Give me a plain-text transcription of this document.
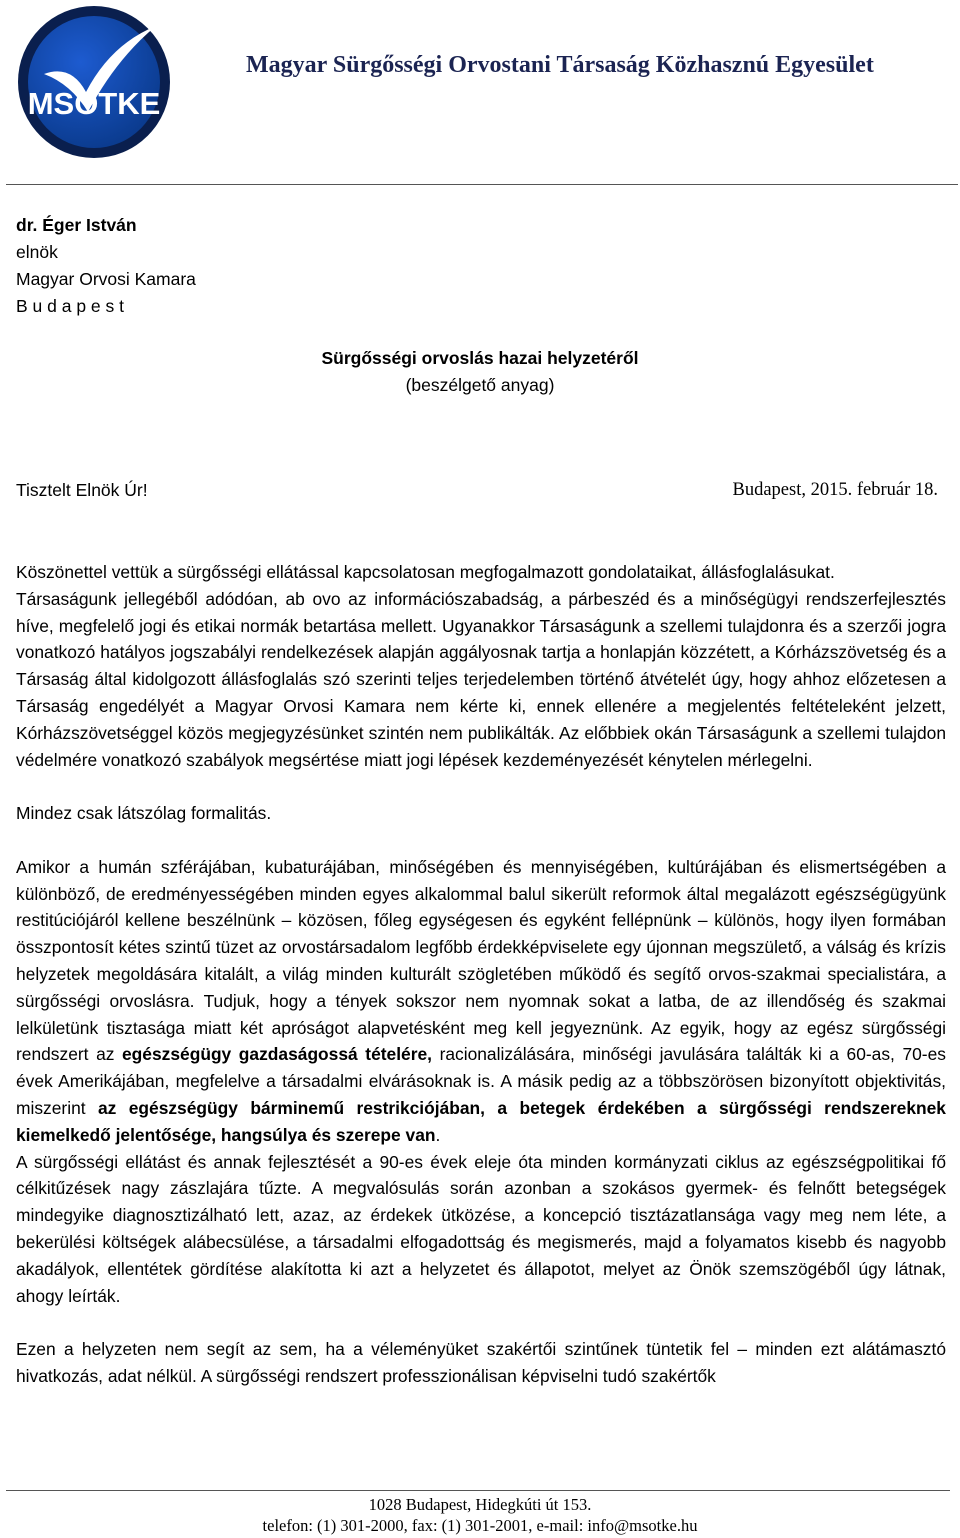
MSOTKE
Magyar Sürgősségi Orvostani Társaság Közhasznú Egyesület
dr. Éger István
elnök
Magyar Orvosi Kamara
B u d a p e s t
Sürgősségi orvoslás hazai helyzetéről
(beszélgető anyag)
Tisztelt Elnök Úr!	Budapest, 2015. február 18.

Köszönettel vettük a sürgősségi ellátással kapcsolatosan megfogalmazott gondolataikat, állásfoglalásukat.

Társaságunk jellegéből adódóan, ab ovo az információszabadság, a párbeszéd és a minőségügyi rendszerfejlesztés híve, megfelelő jogi és etikai normák betartása mellett. Ugyanakkor Társaságunk a szellemi tulajdonra és a szerzői jogra vonatkozó hatályos jogszabályi rendelkezések alapján aggályosnak tartja a honlapján közzétett, a Kórházszövetség és a Társaság által kidolgozott állásfoglalás szó szerinti teljes terjedelemben történő átvételét úgy, hogy ahhoz előzetesen a Társaság engedélyét a Magyar Orvosi Kamara nem kérte ki, ennek ellenére a megjelentés feltételeként jelzett, Kórházszövetséggel közös megjegyzésünket szintén nem publikálták. Az előbbiek okán Társaságunk a szellemi tulajdon védelmére vonatkozó szabályok megsértése miatt jogi lépések kezdeményezését kénytelen mérlegelni.

Mindez csak látszólag formalitás.

Amikor a humán szférájában, kubaturájában, minőségében és mennyiségében, kultúrájában és elismertségében a különböző, de eredményességében minden egyes alkalommal balul sikerült reformok által megalázott egészségügyünk restitúciójáról kellene beszélnünk – közösen, főleg egységesen és egyként fellépnünk – különös, hogy ilyen formában összpontosít kétes szintű tüzet az orvostársadalom legfőbb érdekképviselete egy újonnan megszülető, a válság és krízis helyzetek megoldására kitalált, a világ minden kulturált szögletében működő és segítő orvos-szakmai specialistára, a sürgősségi orvoslásra. Tudjuk, hogy a tények sokszor nem nyomnak sokat a latba, de az illendőség és szakmai lelkületünk tisztasága miatt két apróságot alapvetésként meg kell jegyeznünk. Az egyik, hogy az egész sürgősségi rendszert az egészségügy gazdaságossá tételére, racionalizálására, minőségi javulására találták ki a 60-as, 70-es évek Amerikájában, megfelelve a társadalmi elvárásoknak is. A másik pedig az a többszörösen bizonyított objektivitás, miszerint az egészségügy bárminemű restrikciójában, a betegek érdekében a sürgősségi rendszereknek kiemelkedő jelentősége, hangsúlya és szerepe van.

A sürgősségi ellátást és annak fejlesztését a 90-es évek eleje óta minden kormányzati ciklus az egészségpolitikai fő célkitűzések nagy zászlajára tűzte. A megvalósulás során azonban a szokásos gyermek- és felnőtt betegségek mindegyike diagnosztizálható lett, azaz, az érdekek ütközése, a koncepció tisztázatlansága vagy meg nem léte, a bekerülési költségek alábecsülése, a társadalmi elfogadottság és megismerés, majd a folyamatos kisebb és nagyobb akadályok, ellentétek gördítése alakította ki azt a helyzetet és állapotot, melyet az Önök szemszögéből úgy látnak, ahogy leírták.

Ezen a helyzeten nem segít az sem, ha a véleményüket szakértői szintűnek tüntetik fel – minden ezt alátámasztó hivatkozás, adat nélkül. A sürgősségi rendszert professzionálisan képviselni tudó szakértők

1028 Budapest, Hidegkúti út 153.
telefon: (1) 301-2000, fax: (1) 301-2001, e-mail: info@msotke.hu
